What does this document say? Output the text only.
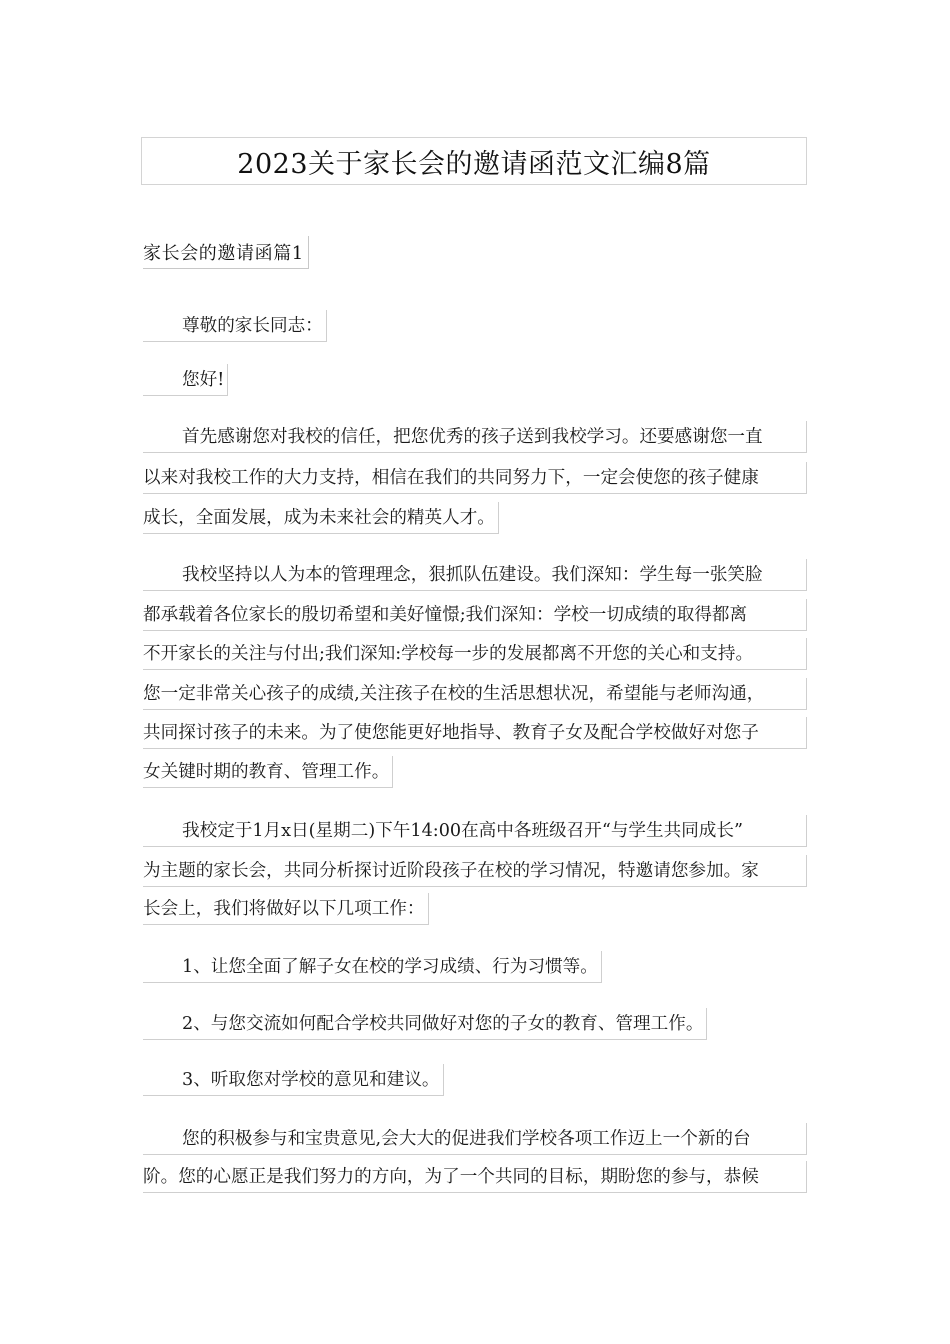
2023关于家长会的邀请函范文汇编8篇
家长会的邀请函篇1
尊敬的家长同志：
您好!
首先感谢您对我校的信任，把您优秀的孩子送到我校学习。还要感谢您一直
以来对我校工作的大力支持，相信在我们的共同努力下，一定会使您的孩子健康
成长，全面发展，成为未来社会的精英人才。
我校坚持以人为本的管理理念，狠抓队伍建设。我们深知：学生每一张笑脸
都承载着各位家长的殷切希望和美好憧憬;我们深知：学校一切成绩的取得都离
不开家长的关注与付出;我们深知:学校每一步的发展都离不开您的关心和支持。
您一定非常关心孩子的成绩,关注孩子在校的生活思想状况，希望能与老师沟通，
共同探讨孩子的未来。为了使您能更好地指导、教育子女及配合学校做好对您子
女关键时期的教育、管理工作。
我校定于1月x日(星期二)下午14:00在高中各班级召开“与学生共同成长”
为主题的家长会，共同分析探讨近阶段孩子在校的学习情况，特邀请您参加。家
长会上，我们将做好以下几项工作：
1、让您全面了解子女在校的学习成绩、行为习惯等。
2、与您交流如何配合学校共同做好对您的子女的教育、管理工作。
3、听取您对学校的意见和建议。
您的积极参与和宝贵意见,会大大的促进我们学校各项工作迈上一个新的台
阶。您的心愿正是我们努力的方向，为了一个共同的目标，期盼您的参与，恭候
